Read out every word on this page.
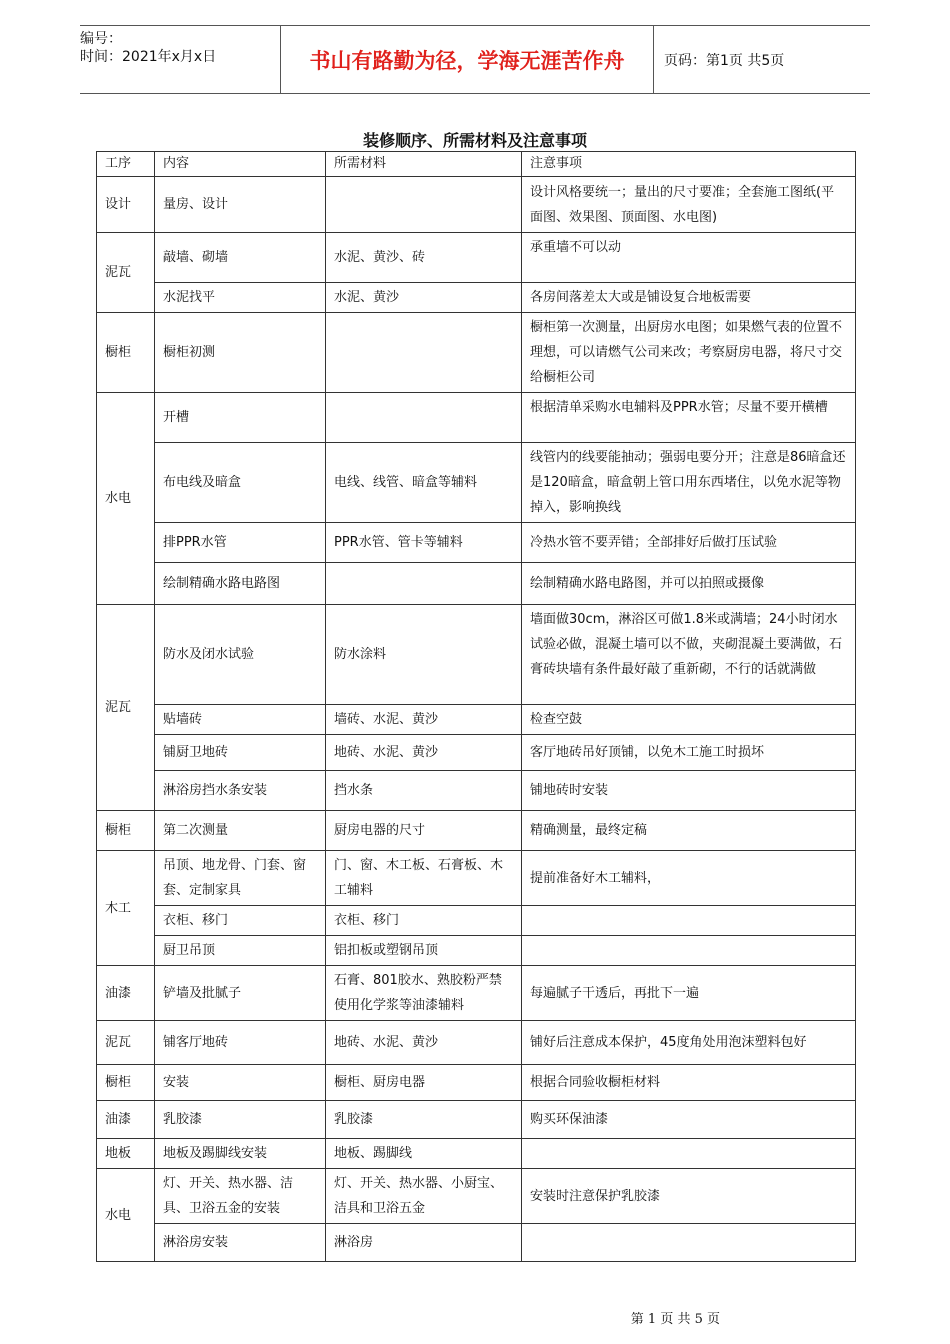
编号：
时间：2021年x月x日	书山有路勤为径，学海无涯苦作舟	页码：第1页 共5页
装修顺序、所需材料及注意事项
工序	内容	所需材料	注意事项
设计	量房、设计		设计风格要统一；量出的尺寸要准；全套施工图纸(平面图、效果图、顶面图、水电图)
泥瓦	敲墙、砌墙	水泥、黄沙、砖	承重墙不可以动
	水泥找平	水泥、黄沙	各房间落差太大或是铺设复合地板需要
橱柜	橱柜初测		橱柜第一次测量，出厨房水电图；如果燃气表的位置不理想，可以请燃气公司来改；考察厨房电器，将尺寸交给橱柜公司
水电	开槽		根据清单采购水电辅料及PPR水管；尽量不要开横槽
	布电线及暗盒	电线、线管、暗盒等辅料	线管内的线要能抽动；强弱电要分开；注意是86暗盒还是120暗盒，暗盒朝上管口用东西堵住，以免水泥等物掉入，影响换线
	排PPR水管	PPR水管、管卡等辅料	冷热水管不要弄错；全部排好后做打压试验
	绘制精确水路电路图		绘制精确水路电路图，并可以拍照或摄像
泥瓦	防水及闭水试验	防水涂料	墙面做30cm，淋浴区可做1.8米或满墙；24小时闭水试验必做，混凝土墙可以不做，夹砌混凝土要满做，石膏砖块墙有条件最好敲了重新砌，不行的话就满做
	贴墙砖	墙砖、水泥、黄沙	检查空鼓
	铺厨卫地砖	地砖、水泥、黄沙	客厅地砖吊好顶铺，以免木工施工时损坏
	淋浴房挡水条安装	挡水条	铺地砖时安装
橱柜	第二次测量	厨房电器的尺寸	精确测量，最终定稿
木工	吊顶、地龙骨、门套、窗套、定制家具	门、窗、木工板、石膏板、木工辅料	提前准备好木工辅料，
	衣柜、移门	衣柜、移门	
	厨卫吊顶	铝扣板或塑钢吊顶	
油漆	铲墙及批腻子	石膏、801胶水、熟胶粉严禁使用化学浆等油漆辅料	每遍腻子干透后，再批下一遍
泥瓦	铺客厅地砖	地砖、水泥、黄沙	铺好后注意成本保护，45度角处用泡沫塑料包好
橱柜	安装	橱柜、厨房电器	根据合同验收橱柜材料
油漆	乳胶漆	乳胶漆	购买环保油漆
地板	地板及踢脚线安装	地板、踢脚线	
水电	灯、开关、热水器、洁具、卫浴五金的安装	灯、开关、热水器、小厨宝、洁具和卫浴五金	安装时注意保护乳胶漆
	淋浴房安装	淋浴房	
第 1 页 共 5 页
